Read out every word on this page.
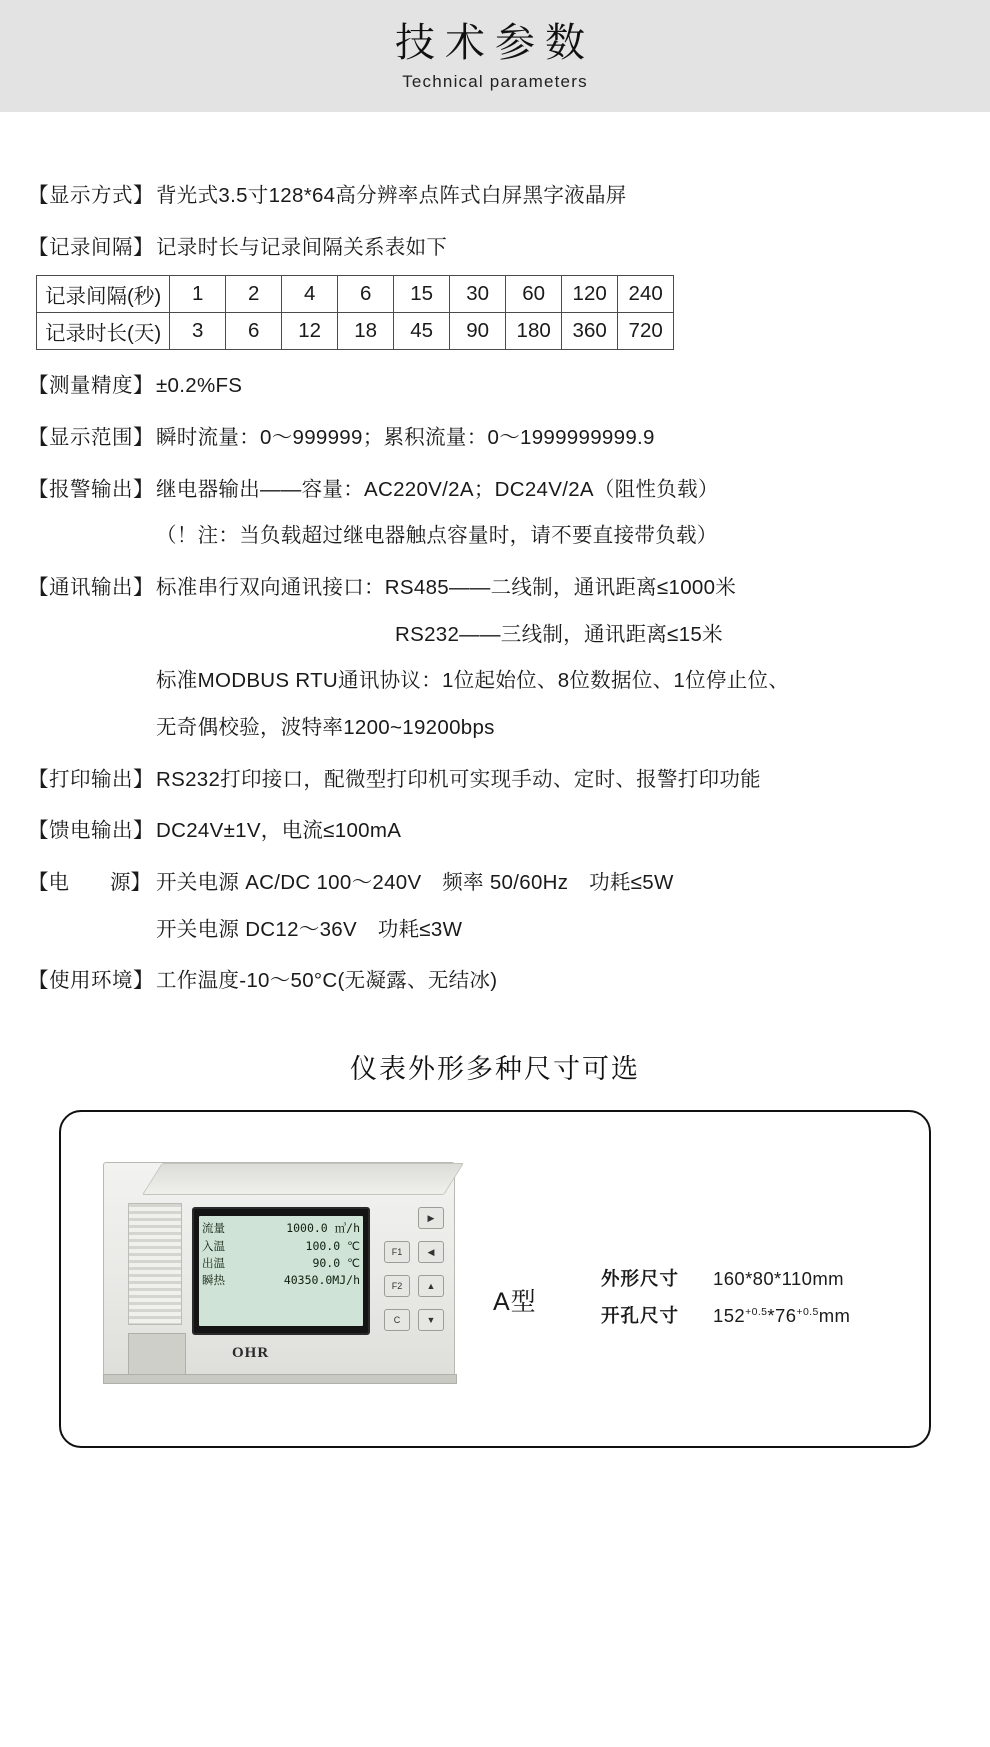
技术参数
Technical parameters
【显示方式】 背光式3.5寸128*64高分辨率点阵式白屏黑字液晶屏
【记录间隔】 记录时长与记录间隔关系表如下
记录间隔(秒)	1	2	4	6	15	30	60	120	240
记录时长(天)	3	6	12	18	45	90	180	360	720
【测量精度】 ±0.2%FS
【显示范围】 瞬时流量：0～999999；累积流量：0～1999999999.9
【报警输出】 继电器输出——容量：AC220V/2A；DC24V/2A（阻性负载）
（！注：当负载超过继电器触点容量时，请不要直接带负载）
【通讯输出】 标准串行双向通讯接口：RS485——二线制，通讯距离≤1000米
RS232——三线制，通讯距离≤15米
标准MODBUS RTU通讯协议：1位起始位、8位数据位、1位停止位、
无奇偶校验，波特率1200~19200bps
【打印输出】 RS232打印接口，配微型打印机可实现手动、定时、报警打印功能
【馈电输出】 DC24V±1V，电流≤100mA
【电　　源】 开关电源 AC/DC 100～240V　频率 50/60Hz　功耗≤5W
开关电源 DC12～36V　功耗≤3W
【使用环境】 工作温度-10～50°C(无凝露、无结冰)
仪表外形多种尺寸可选
流量	1000.0 ㎥/h
入温	100.0 ℃
出温	90.0 ℃
瞬热	40350.0MJ/h
▶
◀
▲
▼
F1
F2
C
OHR
A型
外形尺寸	160*80*110mm
开孔尺寸	$152^{+0.5}*76^{+0.5}mm$
